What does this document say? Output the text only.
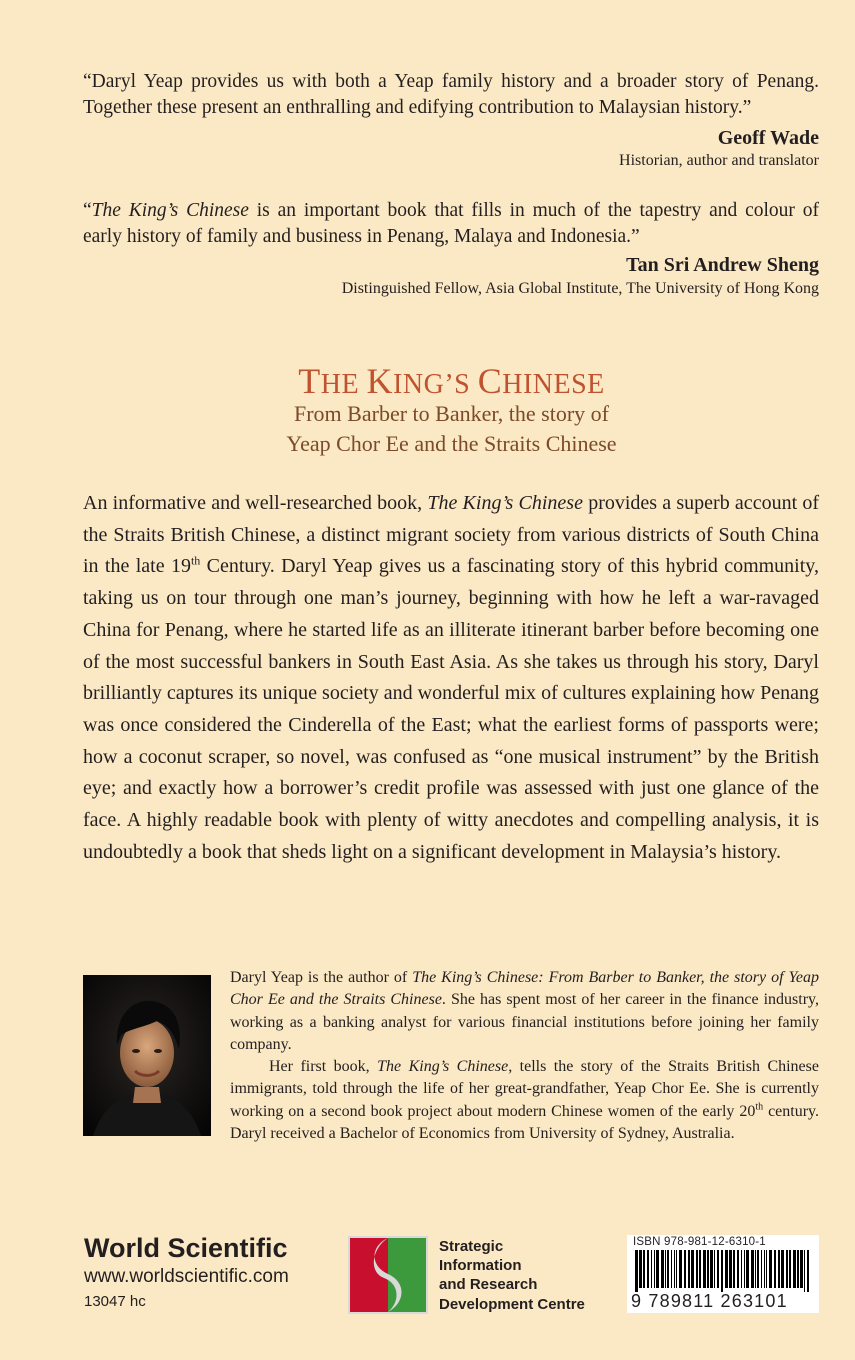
“Daryl Yeap provides us with both a Yeap family history and a broader story of Penang.
Together these present an enthralling and edifying contribution to Malaysian history.”
Geoff Wade
Historian, author and translator
“The King’s Chinese is an important book that fills in much of the tapestry and colour of
early history of family and business in Penang, Malaya and Indonesia.”
Tan Sri Andrew Sheng
Distinguished Fellow, Asia Global Institute, The University of Hong Kong
THE KING’S CHINESE
From Barber to Banker, the story of
Yeap Chor Ee and the Straits Chinese
An informative and well-researched book, The King’s Chinese provides a superb account of the Straits British Chinese, a distinct migrant society from various districts of South China in the late 19th Century. Daryl Yeap gives us a fascinating story of this hybrid community, taking us on tour through one man’s journey, beginning with how he left a war-ravaged China for Penang, where he started life as an illiterate itinerant barber before becoming one of the most successful bankers in South East Asia. As she takes us through his story, Daryl brilliantly captures its unique society and wonderful mix of cultures explaining how Penang was once considered the Cinderella of the East; what the earliest forms of passports were; how a coconut scraper, so novel, was confused as “one musical instrument” by the British eye; and exactly how a borrower’s credit profile was assessed with just one glance of the face. A highly readable book with plenty of witty anecdotes and compelling analysis, it is undoubtedly a book that sheds light on a significant development in Malaysia’s history.

Daryl Yeap is the author of The King’s Chinese: From Barber to Banker, the story of Yeap Chor Ee and the Straits Chinese. She has spent most of her career in the finance industry, working as a banking analyst for various financial institutions before joining her family company.

Her first book, The King’s Chinese, tells the story of the Straits British Chinese immigrants, told through the life of her great-grandfather, Yeap Chor Ee. She is currently working on a second book project about modern Chinese women of the early 20th century. Daryl received a Bachelor of Economics from University of Sydney, Australia.

World Scientific
www.worldscientific.com
13047 hc
Strategic
Information
and Research
Development Centre
ISBN 978-981-12-6310-1
9 789811 263101
